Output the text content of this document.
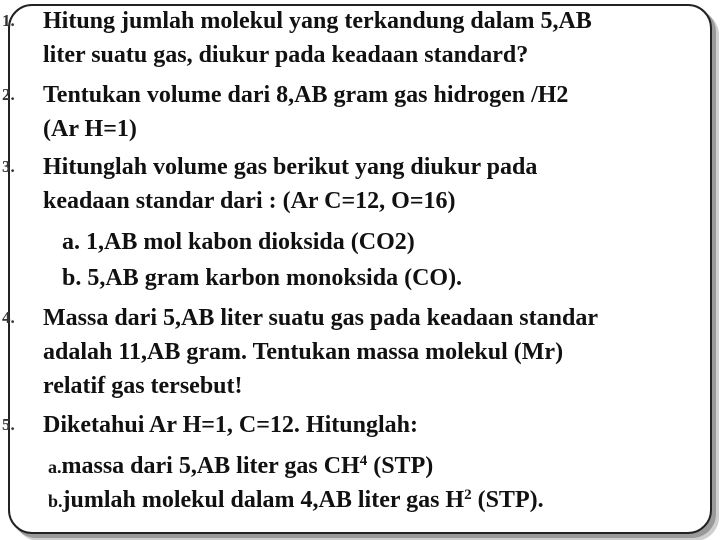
1. Hitung jumlah molekul yang terkandung dalam 5,AB
liter suatu gas, diukur pada keadaan standard?
2. Tentukan volume dari 8,AB gram gas hidrogen /H2
(Ar H=1)
3. Hitunglah volume gas berikut yang diukur pada
keadaan standar dari : (Ar C=12, O=16)
a. 1,AB mol kabon dioksida (CO2)
b. 5,AB gram karbon monoksida (CO).
4. Massa dari 5,AB liter suatu gas pada keadaan standar
adalah 11,AB gram. Tentukan massa molekul (Mr)
relatif gas tersebut!
5. Diketahui Ar H=1, C=12. Hitunglah:
a.massa dari 5,AB liter gas $CH^4$ (STP)
b.jumlah molekul dalam 4,AB liter gas $H^2$ (STP).
